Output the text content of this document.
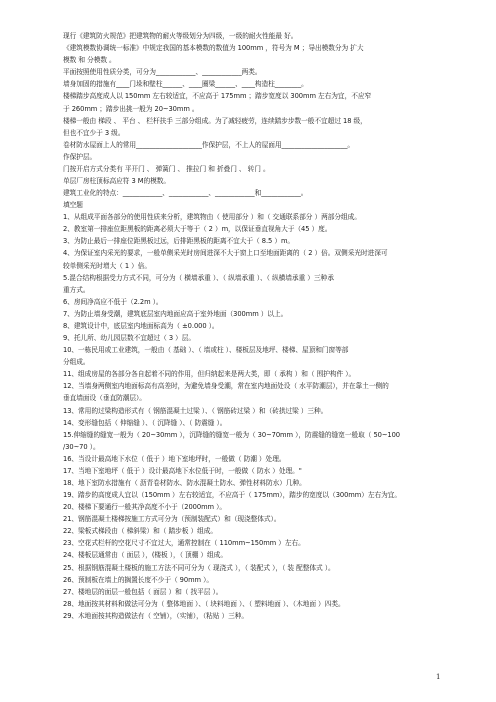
现行《建筑防火规范》把建筑物的耐火等级划分为四级，一级的耐火性能最 好。
《建筑模数协调统一标准》中规定我国的基本模数的数值为 100mm ，符号为 M ；导出模数分为 扩大
模数 和 分模数 。
平面按照使用性质分类，可分为____________、____________两类。
墙身加固的措施有____门垛和壁柱______、____圈梁______、____构造柱________。
楼梯踏步高度成人以 150mm 左右较适宜，不应高于 175mm ；踏步宽度以 300mm 左右为宜，不应窄
于 260mm ；踏步出挑一般为 20~30mm 。
楼梯一般由 梯段 、 平台 、 栏杆扶手 三部分组成。为了减轻疲劳，连续踏步步数一般不宜超过 18 级，
但也不宜少于 3 级。
卷材防水屋面上人的常用____________________作保护层，不上人的屋面用____________________。
作保护层。
门按开启方式分类有 平开门 、 弹簧门 、 推拉门 和 折叠门 、 转门 。
单层厂房柱顶标高应符 3 M的模数。
建筑工业化的特点：____________、____________、____________和____________。
填空题
1、从组成平面各部分的使用性质来分析，建筑物由（ 使用部分 ）和（ 交通联系部分 ）两部分组成。
2、教室第一排座位距黑板的距离必须大于等于（ 2 ）m，以保证垂直视角大于（45 ）度。
3、为防止最后一排座位距黑板过远，后排距黑板的距离不宜大于（ 8.5 ）m。
4、为保证室内采光的要求，一般单侧采光时房间进深不大于窗上口至地面距离的（ 2 ）倍。双侧采光时进深可
较单侧采光时增大（ 1 ）倍。
5.混合结构根据受力方式不同，可分为（ 横墙承重 ）、（ 纵墙承重 ）、（ 纵横墙承重 ）三种承
重方式。
6、房间净高应不低于（2.2m ）。
7、为防止墙身受潮，建筑底层室内地面应高于室外地面（300mm ）以上。
8、建筑设计中，底层室内地面标高为（ ±0.000 ）。
9、托儿所、幼儿园层数不宜超过（ 3 ）层。
10、一栋民用或工业建筑，一般由（ 基础 ）、（ 墙或柱 ）、楼板层及地坪、楼梯、屋顶和门窗等部
分组成。
11、组成房屋的各部分各自起着不同的作用，但归纳起来是两大类，即（ 承构 ）和（ 围护构件 ）。
12、当墙身两侧室内地面标高有高差时，为避免墙身受潮，常在室内地面处设（ 水平防潮层），并在靠土一侧的
垂直墙面设（垂直防潮层）。
13、常用的过梁构造形式有（ 钢筋混凝土过梁 ）、（ 钢筋砖过梁 ）和（砖拱过梁 ）三种。
14、变形缝包括（ 伸缩缝 ）、（ 沉降缝 ）、（ 防震缝 ）。
15.伸缩缝的缝宽一般为（ 20~30mm ），沉降缝的缝宽一般为（ 30~70mm ），防震缝的缝宽一般取（ 50~100
/30~70 ）。
16、当设计最高地下水位（ 低于 ）地下室地坪时，一般做（ 防潮 ）处理。
17、当地下室地坪（ 低于 ）设计最高地下水位低于时，一般做（ 防水 ）处理。"
18、地下室防水措施有（ 沥青卷材防水、防水混凝土防水、弹性材料防水）几种。
19、踏步的高度成人宜以（150mm ）左右较适宜，不应高于（ 175mm），踏步的宽度以（300mm）左右为宜。
20、楼梯下要通行一般其净高度不小于（2000mm ）。
21、钢筋混凝土楼梯按施工方式可分为（预制装配式）和（现浇整体式）。
22、梁板式梯段由（ 梯斜梁）和（ 踏步板 ）组成。
23、空花式栏杆的空花尺寸不宜过大，通常控制在（ 110mm~150mm ）左右。
24、楼板层通常由（ 面层 ），(楼板 ），（ 顶棚 ）组成。
25、根据钢筋混凝土楼板的施工方法不同可分为（ 现浇式 ），（ 装配式 ），（ 装 配整体式 ）。
26、预制板在墙上的搁置长度不少于（ 90mm ）。
27、楼地层的面层一般包括（ 面层 ）和（ 找平层 ）。
28、地面按其材料和做法可分为（ 整体地面 ）、（ 块料地面 ）、（ 塑料地面 ）、（木地面 ）四类。
29、木地面按其构造做法有（ 空铺），（实铺），（粘贴 ）三种。
1
